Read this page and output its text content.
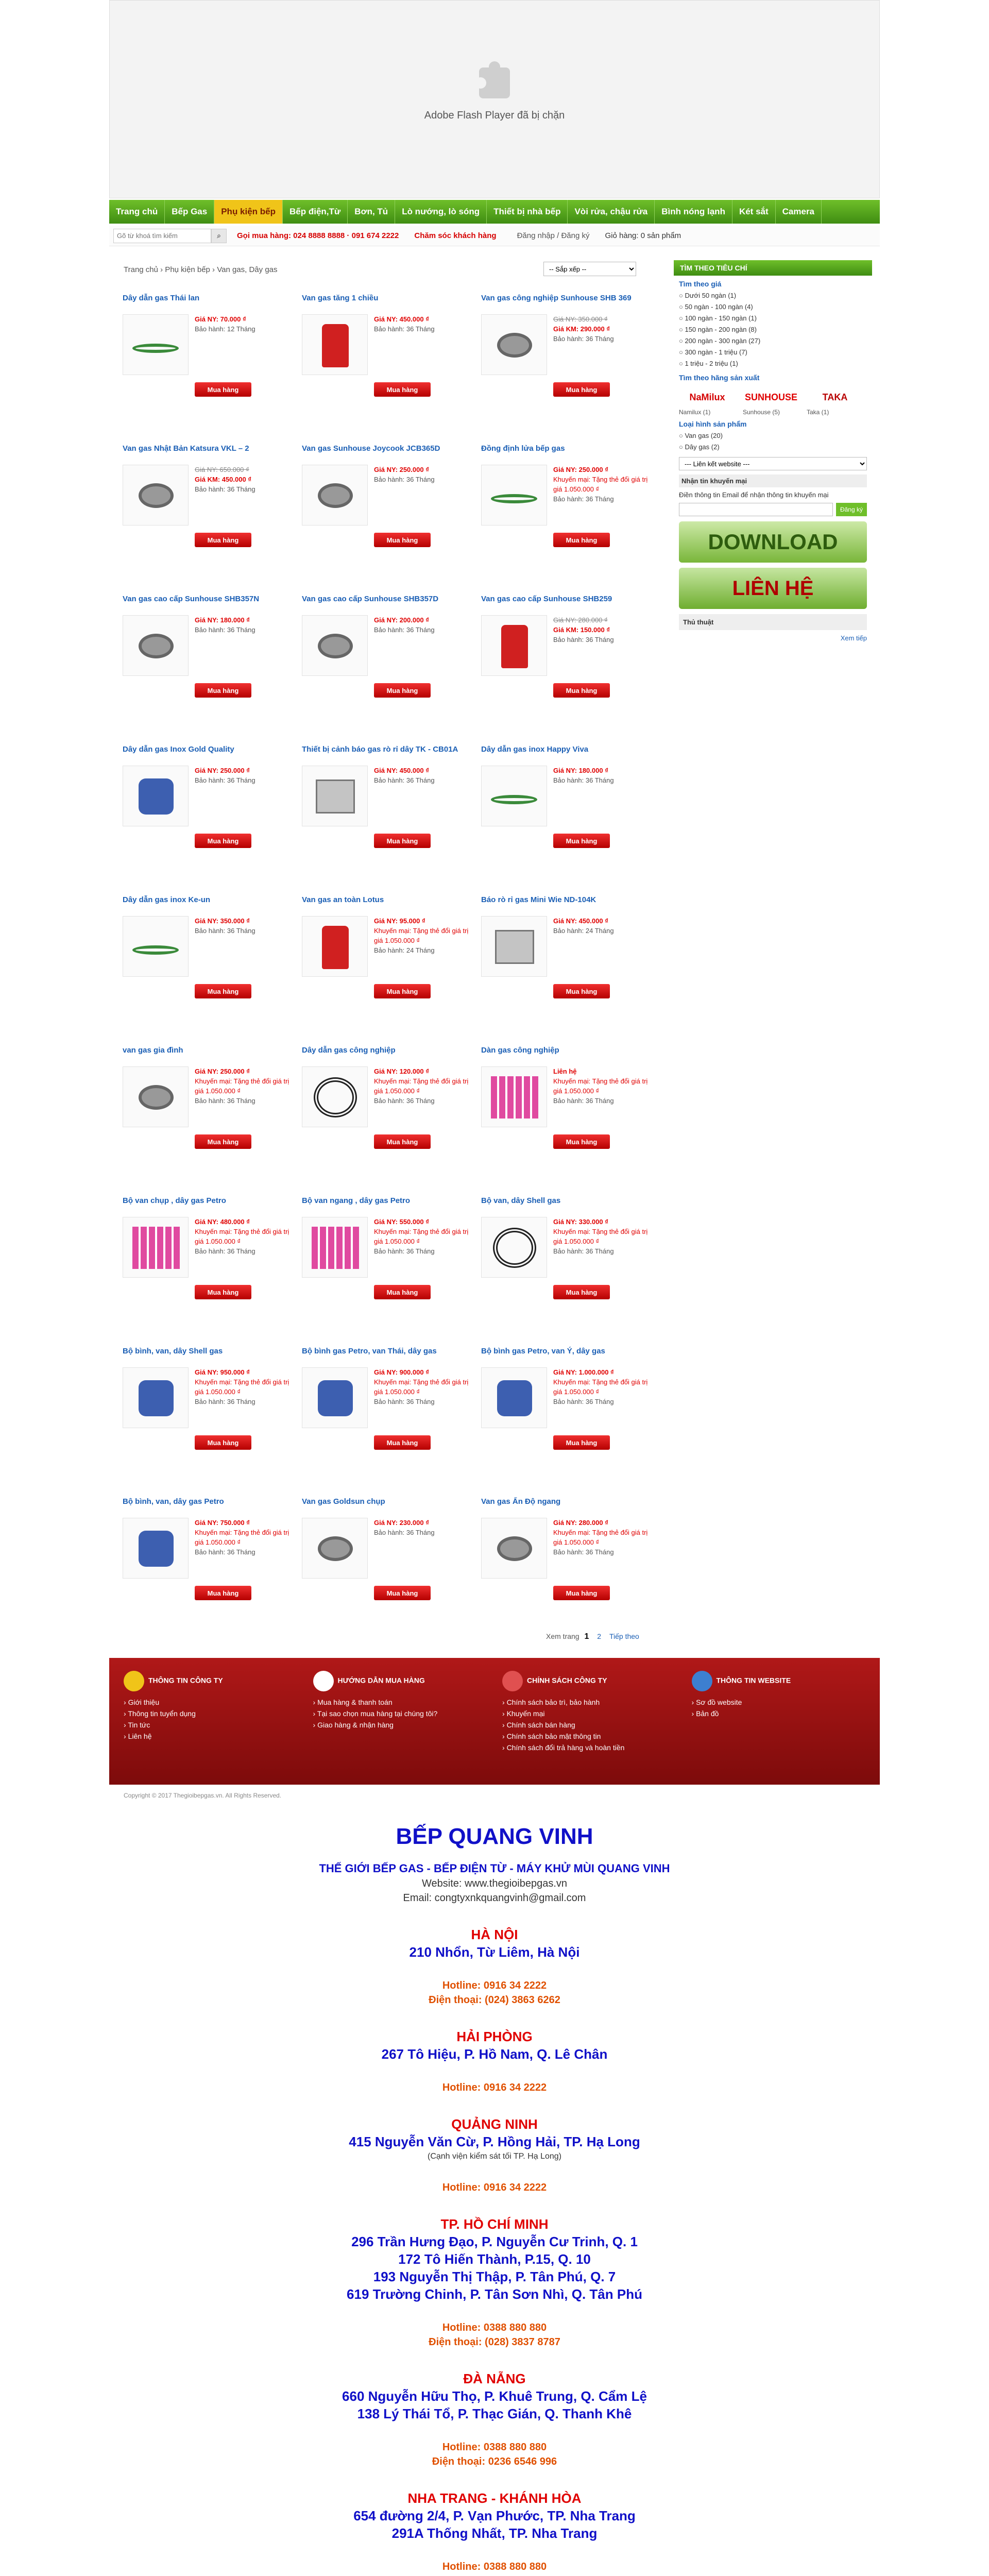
Adobe Flash Player đã bị chặn
Trang chủ	Bếp Gas	Phụ kiện bếp	Bếp điện,Từ	Bơn, Tủ	Lò nướng, lò sóng	Thiết bị nhà bếp	Vòi rửa, chậu rửa	Bình nóng lạnh	Két sắt	Camera
Gõ từ khoá tìm kiếm
⌕	Gọi mua hàng: 024 8888 8888 · 091 674 2222 Chăm sóc khách hàng	Đăng nhập / Đăng ký Giỏ hàng: 0 sản phẩm
Trang chủ › Phụ kiện bếp › Van gas, Dây gas
-- Sắp xếp --
Dây dẫn gas Thái lan
Giá NY: 70.000 ₫
Bảo hành: 12 Tháng
Mua hàng
Van gas tăng 1 chiều
Giá NY: 450.000 ₫
Bảo hành: 36 Tháng
Mua hàng
Van gas công nghiệp Sunhouse SHB 369
Giá NY: 350.000 ₫
Giá KM: 290.000 ₫
Bảo hành: 36 Tháng
Mua hàng
Van gas Nhật Bản Katsura VKL – 2
Giá NY: 650.000 ₫
Giá KM: 450.000 ₫
Bảo hành: 36 Tháng
Mua hàng
Van gas Sunhouse Joycook JCB365D
Giá NY: 250.000 ₫
Bảo hành: 36 Tháng
Mua hàng
Đồng định lửa bếp gas
Giá NY: 250.000 ₫
Khuyến mại: Tặng thẻ đổi giá trị giá 1.050.000 ₫
Bảo hành: 36 Tháng
Mua hàng
Van gas cao cấp Sunhouse SHB357N
Giá NY: 180.000 ₫
Bảo hành: 36 Tháng
Mua hàng
Van gas cao cấp Sunhouse SHB357D
Giá NY: 200.000 ₫
Bảo hành: 36 Tháng
Mua hàng
Van gas cao cấp Sunhouse SHB259
Giá NY: 280.000 ₫
Giá KM: 150.000 ₫
Bảo hành: 36 Tháng
Mua hàng
Dây dẫn gas Inox Gold Quality
Giá NY: 250.000 ₫
Bảo hành: 36 Tháng
Mua hàng
Thiết bị cảnh báo gas rò rỉ dây TK - CB01A
Giá NY: 450.000 ₫
Bảo hành: 36 Tháng
Mua hàng
Dây dẫn gas inox Happy Viva
Giá NY: 180.000 ₫
Bảo hành: 36 Tháng
Mua hàng
Dây dẫn gas inox Ke-un
Giá NY: 350.000 ₫
Bảo hành: 36 Tháng
Mua hàng
Van gas an toàn Lotus
Giá NY: 95.000 ₫
Khuyến mại: Tặng thẻ đổi giá trị giá 1.050.000 ₫
Bảo hành: 24 Tháng
Mua hàng
Báo rò rỉ gas Mini Wie ND-104K
Giá NY: 450.000 ₫
Bảo hành: 24 Tháng
Mua hàng
van gas gia đình
Giá NY: 250.000 ₫
Khuyến mại: Tặng thẻ đổi giá trị giá 1.050.000 ₫
Bảo hành: 36 Tháng
Mua hàng
Dây dẫn gas công nghiệp
Giá NY: 120.000 ₫
Khuyến mại: Tặng thẻ đổi giá trị giá 1.050.000 ₫
Bảo hành: 36 Tháng
Mua hàng
Dàn gas công nghiệp
Liên hệ
Khuyến mại: Tặng thẻ đổi giá trị giá 1.050.000 ₫
Bảo hành: 36 Tháng
Mua hàng
Bộ van chụp , dây gas Petro
Giá NY: 480.000 ₫
Khuyến mại: Tặng thẻ đổi giá trị giá 1.050.000 ₫
Bảo hành: 36 Tháng
Mua hàng
Bộ van ngang , dây gas Petro
Giá NY: 550.000 ₫
Khuyến mại: Tặng thẻ đổi giá trị giá 1.050.000 ₫
Bảo hành: 36 Tháng
Mua hàng
Bộ van, dây Shell gas
Giá NY: 330.000 ₫
Khuyến mại: Tặng thẻ đổi giá trị giá 1.050.000 ₫
Bảo hành: 36 Tháng
Mua hàng
Bộ bình, van, dây Shell gas
Giá NY: 950.000 ₫
Khuyến mại: Tặng thẻ đổi giá trị giá 1.050.000 ₫
Bảo hành: 36 Tháng
Mua hàng
Bộ bình gas Petro, van Thái, dây gas
Giá NY: 900.000 ₫
Khuyến mại: Tặng thẻ đổi giá trị giá 1.050.000 ₫
Bảo hành: 36 Tháng
Mua hàng
Bộ bình gas Petro, van Ý, dây gas
Giá NY: 1.000.000 ₫
Khuyến mại: Tặng thẻ đổi giá trị giá 1.050.000 ₫
Bảo hành: 36 Tháng
Mua hàng
Bộ bình, van, dây gas Petro
Giá NY: 750.000 ₫
Khuyến mại: Tặng thẻ đổi giá trị giá 1.050.000 ₫
Bảo hành: 36 Tháng
Mua hàng
Van gas Goldsun chụp
Giá NY: 230.000 ₫
Bảo hành: 36 Tháng
Mua hàng
Van gas Ấn Độ ngang
Giá NY: 280.000 ₫
Khuyến mại: Tặng thẻ đổi giá trị giá 1.050.000 ₫
Bảo hành: 36 Tháng
Mua hàng
Xem trang 1 2 Tiếp theo
TÌM THEO TIÊU CHÍ
Tìm theo giá
○ Dưới 50 ngàn (1)
○ 50 ngàn - 100 ngàn (4)
○ 100 ngàn - 150 ngàn (1)
○ 150 ngàn - 200 ngàn (8)
○ 200 ngàn - 300 ngàn (27)
○ 300 ngàn - 1 triệu (7)
○ 1 triệu - 2 triệu (1)
Tìm theo hãng sản xuất
NaMilux
Namilux (1)
SUNHOUSE
Sunhouse (5)
TAKA
Taka (1)
Loại hình sản phẩm
○ Van gas (20)
○ Dây gas (2)
--- Liên kết website ---
Nhận tin khuyến mại
Điền thông tin Email để nhận thông tin khuyến mại
Đăng ký
DOWNLOAD
LIÊN HỆ
Thủ thuật
Xem tiếp
THÔNG TIN CÔNG TY
› Giới thiệu
› Thông tin tuyển dụng
› Tin tức
› Liên hệ
HƯỚNG DẪN MUA HÀNG
› Mua hàng & thanh toán
› Tại sao chọn mua hàng tại chúng tôi?
› Giao hàng & nhận hàng
CHÍNH SÁCH CÔNG TY
› Chính sách bảo trì, bảo hành
› Khuyến mại
› Chính sách bán hàng
› Chính sách bảo mật thông tin
› Chính sách đổi trả hàng và hoàn tiền
THÔNG TIN WEBSITE
› Sơ đồ website
› Bản đồ
Copyright © 2017 Thegioibepgas.vn. All Rights Reserved.
BẾP QUANG VINH
THẾ GIỚI BẾP GAS - BẾP ĐIỆN TỪ - MÁY KHỬ MÙI QUANG VINH
Website: www.thegioibepgas.vn
Email: congtyxnkquangvinh@gmail.com
HÀ NỘI
210 Nhổn, Từ Liêm, Hà Nội
Hotline: 0916 34 2222
Điện thoại: (024) 3863 6262
HẢI PHÒNG
267 Tô Hiệu, P. Hồ Nam, Q. Lê Chân
Hotline: 0916 34 2222
QUẢNG NINH
415 Nguyễn Văn Cừ, P. Hồng Hải, TP. Hạ Long
(Cạnh viện kiểm sát tối TP. Hạ Long)
Hotline: 0916 34 2222
TP. HỒ CHÍ MINH
296 Trần Hưng Đạo, P. Nguyễn Cư Trinh, Q. 1
172 Tô Hiến Thành, P.15, Q. 10
193 Nguyễn Thị Thập, P. Tân Phú, Q. 7
619 Trường Chinh, P. Tân Sơn Nhì, Q. Tân Phú
Hotline: 0388 880 880
Điện thoại: (028) 3837 8787
ĐÀ NẴNG
660 Nguyễn Hữu Thọ, P. Khuê Trung, Q. Cẩm Lệ
138 Lý Thái Tổ, P. Thạc Gián, Q. Thanh Khê
Hotline: 0388 880 880
Điện thoại: 0236 6546 996
NHA TRANG - KHÁNH HÒA
654 đường 2/4, P. Vạn Phước, TP. Nha Trang
291A Thống Nhất, TP. Nha Trang
Hotline: 0388 880 880
